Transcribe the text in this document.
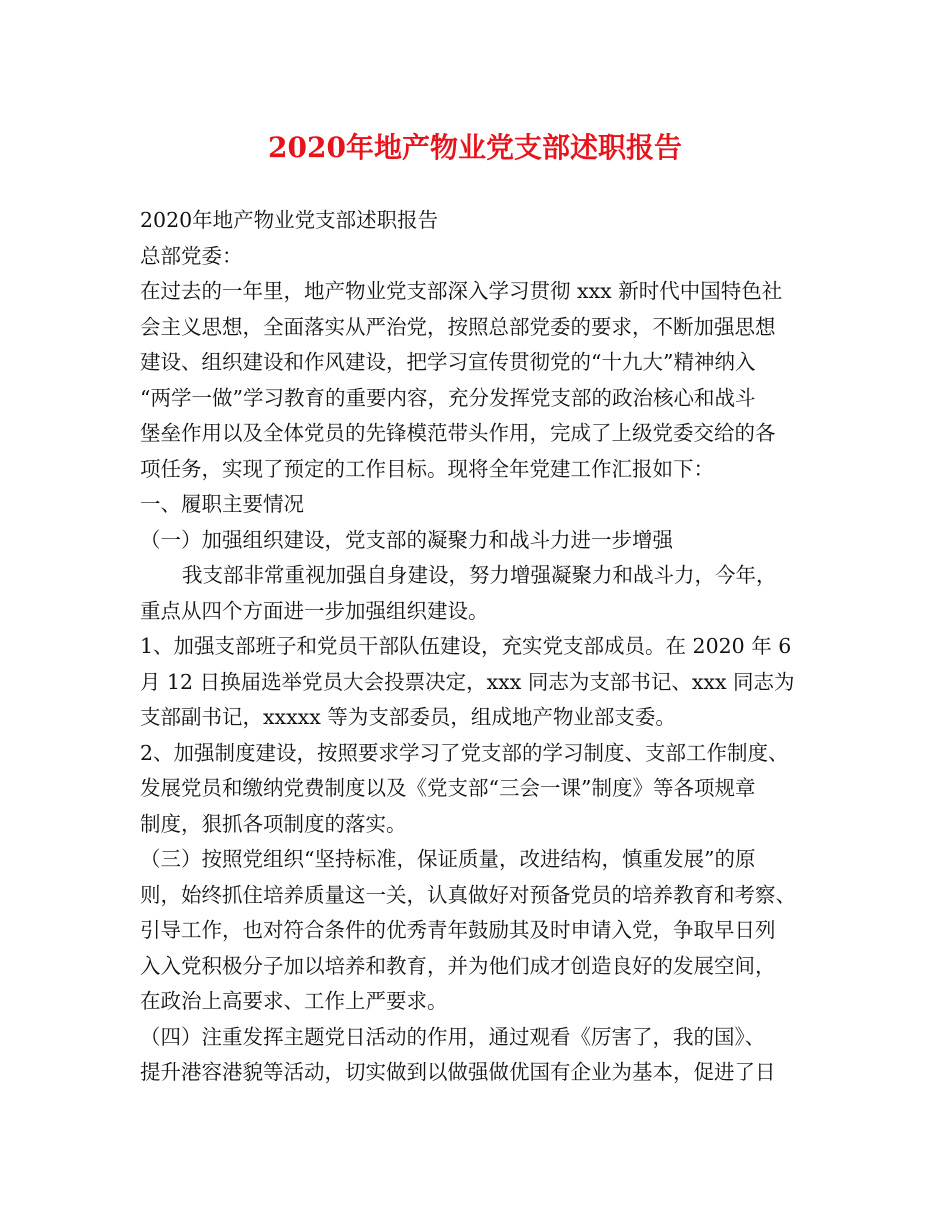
2020年地产物业党支部述职报告

2020年地产物业党支部述职报告

总部党委：

在过去的一年里，地产物业党支部深入学习贯彻 xxx 新时代中国特色社

会主义思想，全面落实从严治党，按照总部党委的要求，不断加强思想

建设、组织建设和作风建设，把学习宣传贯彻党的“十九大”精神纳入

“两学一做”学习教育的重要内容，充分发挥党支部的政治核心和战斗

堡垒作用以及全体党员的先锋模范带头作用，完成了上级党委交给的各

项任务，实现了预定的工作目标。现将全年党建工作汇报如下：

一、履职主要情况

（一）加强组织建设，党支部的凝聚力和战斗力进一步增强

我支部非常重视加强自身建设，努力增强凝聚力和战斗力，今年，

重点从四个方面进一步加强组织建设。

1、加强支部班子和党员干部队伍建设，充实党支部成员。在 2020 年 6

月 12 日换届选举党员大会投票决定，xxx 同志为支部书记、xxx 同志为

支部副书记，xxxxx 等为支部委员，组成地产物业部支委。

2、加强制度建设，按照要求学习了党支部的学习制度、支部工作制度、

发展党员和缴纳党费制度以及《党支部“三会一课”制度》等各项规章

制度，狠抓各项制度的落实。

（三）按照党组织“坚持标准，保证质量，改进结构，慎重发展”的原

则，始终抓住培养质量这一关，认真做好对预备党员的培养教育和考察、

引导工作，也对符合条件的优秀青年鼓励其及时申请入党，争取早日列

入入党积极分子加以培养和教育，并为他们成才创造良好的发展空间，

在政治上高要求、工作上严要求。

（四）注重发挥主题党日活动的作用，通过观看《厉害了，我的国》、

提升港容港貌等活动，切实做到以做强做优国有企业为基本，促进了日
